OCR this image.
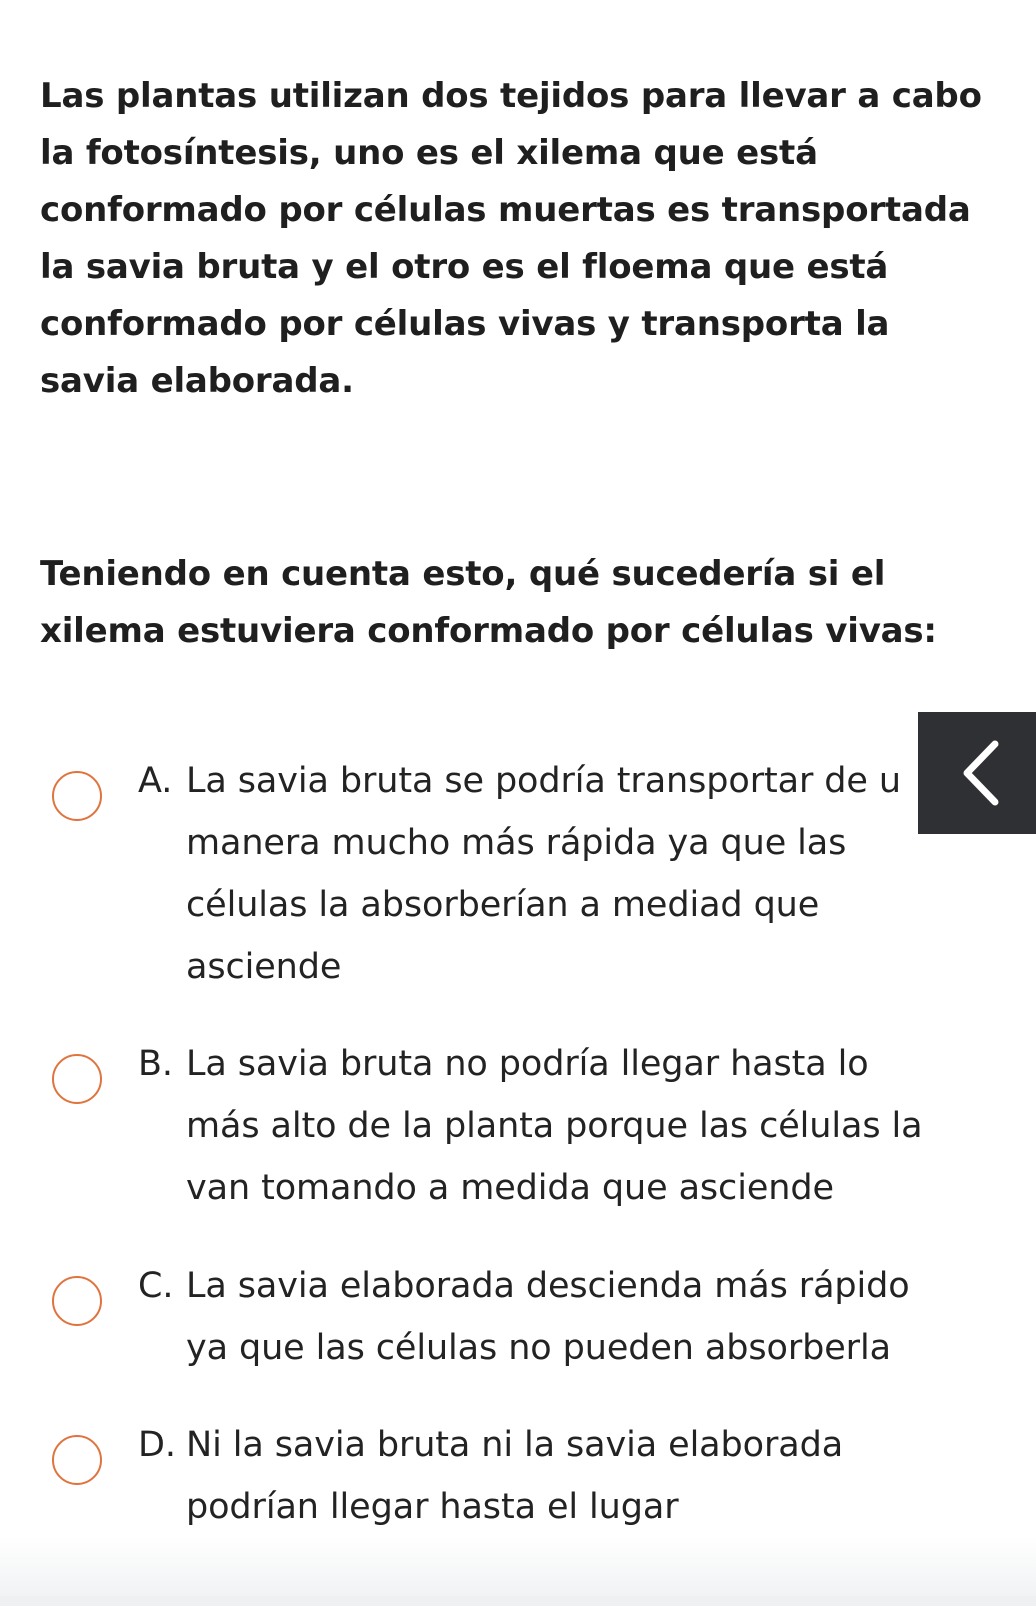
Las plantas utilizan dos tejidos para llevar a cabo
la fotosíntesis, uno es el xilema que está
conformado por células muertas es transportada
la savia bruta y el otro es el floema que está
conformado por células vivas y transporta la
savia elaborada.

Teniendo en cuenta esto, qué sucedería si el
xilema estuviera conformado por células vivas:

A. La savia bruta se podría transportar de u
manera mucho más rápida ya que las
células la absorberían a mediad que
asciende
B. La savia bruta no podría llegar hasta lo
más alto de la planta porque las células la
van tomando a medida que asciende
C. La savia elaborada descienda más rápido
ya que las células no pueden absorberla
D. Ni la savia bruta ni la savia elaborada
podrían llegar hasta el lugar
